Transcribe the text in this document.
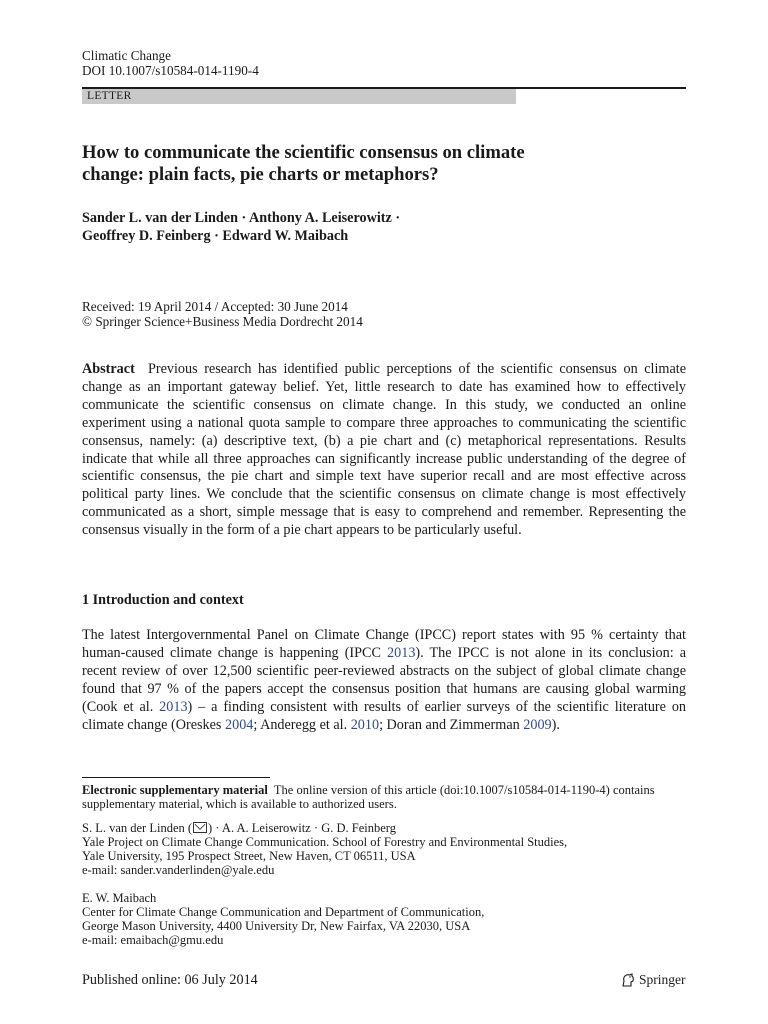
Climatic Change
DOI 10.1007/s10584-014-1190-4
LETTER
How to communicate the scientific consensus on climate
change: plain facts, pie charts or metaphors?
Sander L. van der Linden · Anthony A. Leiserowitz ·
Geoffrey D. Feinberg · Edward W. Maibach
Received: 19 April 2014 / Accepted: 30 June 2014
© Springer Science+Business Media Dordrecht 2014
Abstract Previous research has identified public perceptions of the scientific consensus on climate change as an important gateway belief. Yet, little research to date has examined how to effectively communicate the scientific consensus on climate change. In this study, we conducted an online experiment using a national quota sample to compare three approaches to communicating the scientific consensus, namely: (a) descriptive text, (b) a pie chart and (c) metaphorical representations. Results indicate that while all three approaches can significantly increase public understanding of the degree of scientific consensus, the pie chart and simple text have superior recall and are most effective across political party lines. We conclude that the scientific consensus on climate change is most effectively communicated as a short, simple message that is easy to comprehend and remember. Representing the consensus visually in the form of a pie chart appears to be particularly useful.
1 Introduction and context
The latest Intergovernmental Panel on Climate Change (IPCC) report states with 95 % certainty that human-caused climate change is happening (IPCC 2013). The IPCC is not alone in its conclusion: a recent review of over 12,500 scientific peer-reviewed abstracts on the subject of global climate change found that 97 % of the papers accept the consensus position that humans are causing global warming (Cook et al. 2013) – a finding consistent with results of earlier surveys of the scientific literature on climate change (Oreskes 2004; Anderegg et al. 2010; Doran and Zimmerman 2009).
Electronic supplementary material The online version of this article (doi:10.1007/s10584-014-1190-4) contains supplementary material, which is available to authorized users.
S. L. van der Linden ( ) · A. A. Leiserowitz · G. D. Feinberg
Yale Project on Climate Change Communication. School of Forestry and Environmental Studies,
Yale University, 195 Prospect Street, New Haven, CT 06511, USA
e-mail: sander.vanderlinden@yale.edu
E. W. Maibach
Center for Climate Change Communication and Department of Communication,
George Mason University, 4400 University Dr, New Fairfax, VA 22030, USA
e-mail: emaibach@gmu.edu
Published online: 06 July 2014	Springer
